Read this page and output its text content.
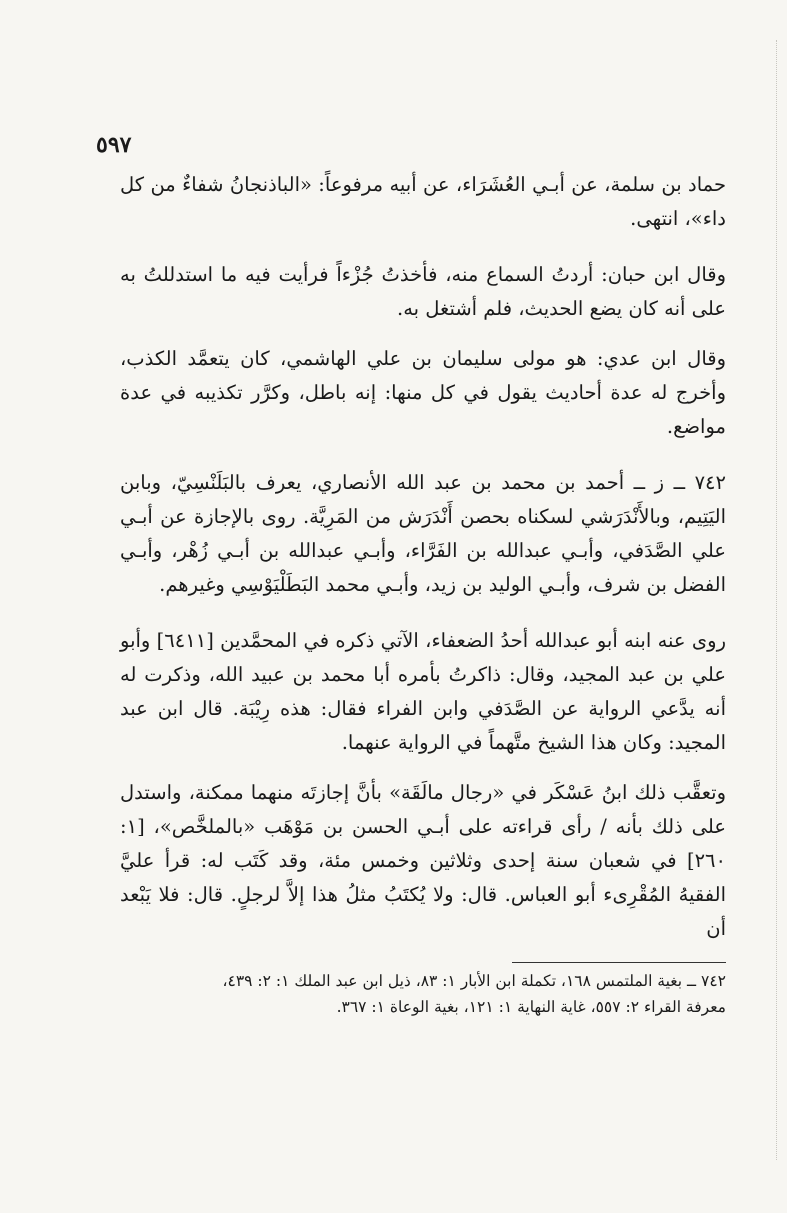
٥٩٧

حماد بن سلمة، عن أبـي العُشَرَاء، عن أبيه مرفوعاً: «الباذنجانُ شفاءٌ من كل داء»، انتهى.

وقال ابن حبان: أردتُ السماع منه، فأخذتُ جُزْءاً فرأيت فيه ما استدللتُ به على أنه كان يضع الحديث، فلم أشتغل به.

وقال ابن عدي: هو مولى سليمان بن علي الهاشمي، كان يتعمَّد الكذب، وأخرج له عدة أحاديث يقول في كل منها: إنه باطل، وكرَّر تكذيبه في عدة مواضع.

٧٤٢ ــ ز ــ أحمد بن محمد بن عبد الله الأنصاري، يعرف بالبَلَنْسِيّ، وبابن اليَتِيم، وبالأَنْدَرَشي لسكناه بحصن أَنْدَرَش من المَرِيَّة. روى بالإجازة عن أبـي علي الصَّدَفي، وأبـي عبدالله بن الفَرَّاء، وأبـي عبدالله بن أبـي زُهْر، وأبـي الفضل بن شرف، وأبـي الوليد بن زيد، وأبـي محمد البَطَلْيَوْسِي وغيرهم.

روى عنه ابنه أبو عبدالله أحدُ الضعفاء، الآتي ذكره في المحمَّدين [٦٤١١] وأبو علي بن عبد المجيد، وقال: ذاكرتُ بأمره أبا محمد بن عبيد الله، وذكرت له أنه يدَّعي الرواية عن الصَّدَفي وابن الفراء فقال: هذه رِيْبَة. قال ابن عبد المجيد: وكان هذا الشيخ متَّهماً في الرواية عنهما.

وتعقَّب ذلك ابنُ عَسْكَر في «رجال مالَقَة» بأنَّ إجازتَه منهما ممكنة، واستدل على ذلك بأنه / رأى قراءته على أبـي الحسن بن مَوْهَب «بالملخَّص»، [١: ٢٦٠] في شعبان سنة إحدى وثلاثين وخمس مئة، وقد كَتَب له: قرأ عليَّ الفقيهُ المُقْرِىء أبو العباس. قال: ولا يُكتَبُ مثلُ هذا إلاَّ لرجلٍ. قال: فلا يَبْعد أن

٧٤٢ ــ بغية الملتمس ١٦٨، تكملة ابن الأبار ١: ٨٣، ذيل ابن عبد الملك ١: ٢: ٤٣٩، معرفة القراء ٢: ٥٥٧، غاية النهاية ١: ١٢١، بغية الوعاة ١: ٣٦٧.
